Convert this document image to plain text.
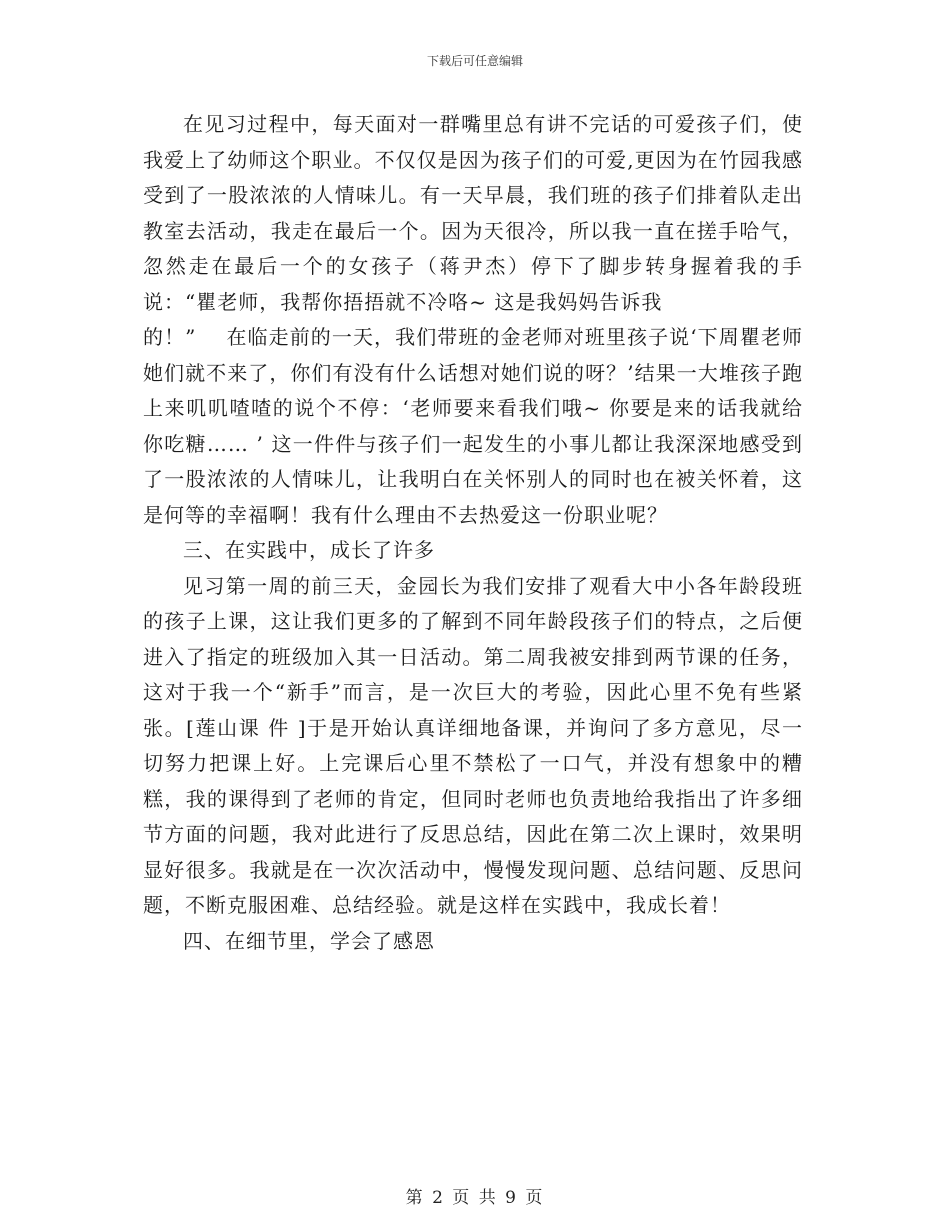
下载后可任意编辑

在见习过程中，每天面对一群嘴里总有讲不完话的可爱孩子们，使我爱上了幼师这个职业。不仅仅是因为孩子们的可爱,更因为在竹园我感受到了一股浓浓的人情味儿。有一天早晨，我们班的孩子们排着队走出教室去活动，我走在最后一个。因为天很冷，所以我一直在搓手哈气，忽然走在最后一个的女孩子（蒋尹杰）停下了脚步转身握着我的手说：“瞿老师，我帮你捂捂就不冷咯~ 这是我妈妈告诉我

的！” 在临走前的一天，我们带班的金老师对班里孩子说‘下周瞿老师她们就不来了，你们有没有什么话想对她们说的呀？’结果一大堆孩子跑上来叽叽喳喳的说个不停：‘老师要来看我们哦~ 你要是来的话我就给你吃糖…… ’ 这一件件与孩子们一起发生的小事儿都让我深深地感受到了一股浓浓的人情味儿，让我明白在关怀别人的同时也在被关怀着，这是何等的幸福啊！我有什么理由不去热爱这一份职业呢？

三、在实践中，成长了许多

见习第一周的前三天，金园长为我们安排了观看大中小各年龄段班的孩子上课，这让我们更多的了解到不同年龄段孩子们的特点，之后便进入了指定的班级加入其一日活动。第二周我被安排到两节课的任务，这对于我一个“新手”而言，是一次巨大的考验，因此心里不免有些紧张。[莲山课 件 ]于是开始认真详细地备课，并询问了多方意见，尽一切努力把课上好。上完课后心里不禁松了一口气，并没有想象中的糟糕，我的课得到了老师的肯定，但同时老师也负责地给我指出了许多细节方面的问题，我对此进行了反思总结，因此在第二次上课时，效果明显好很多。我就是在一次次活动中，慢慢发现问题、总结问题、反思问题，不断克服困难、总结经验。就是这样在实践中，我成长着！

四、在细节里，学会了感恩

第 2 页 共 9 页
